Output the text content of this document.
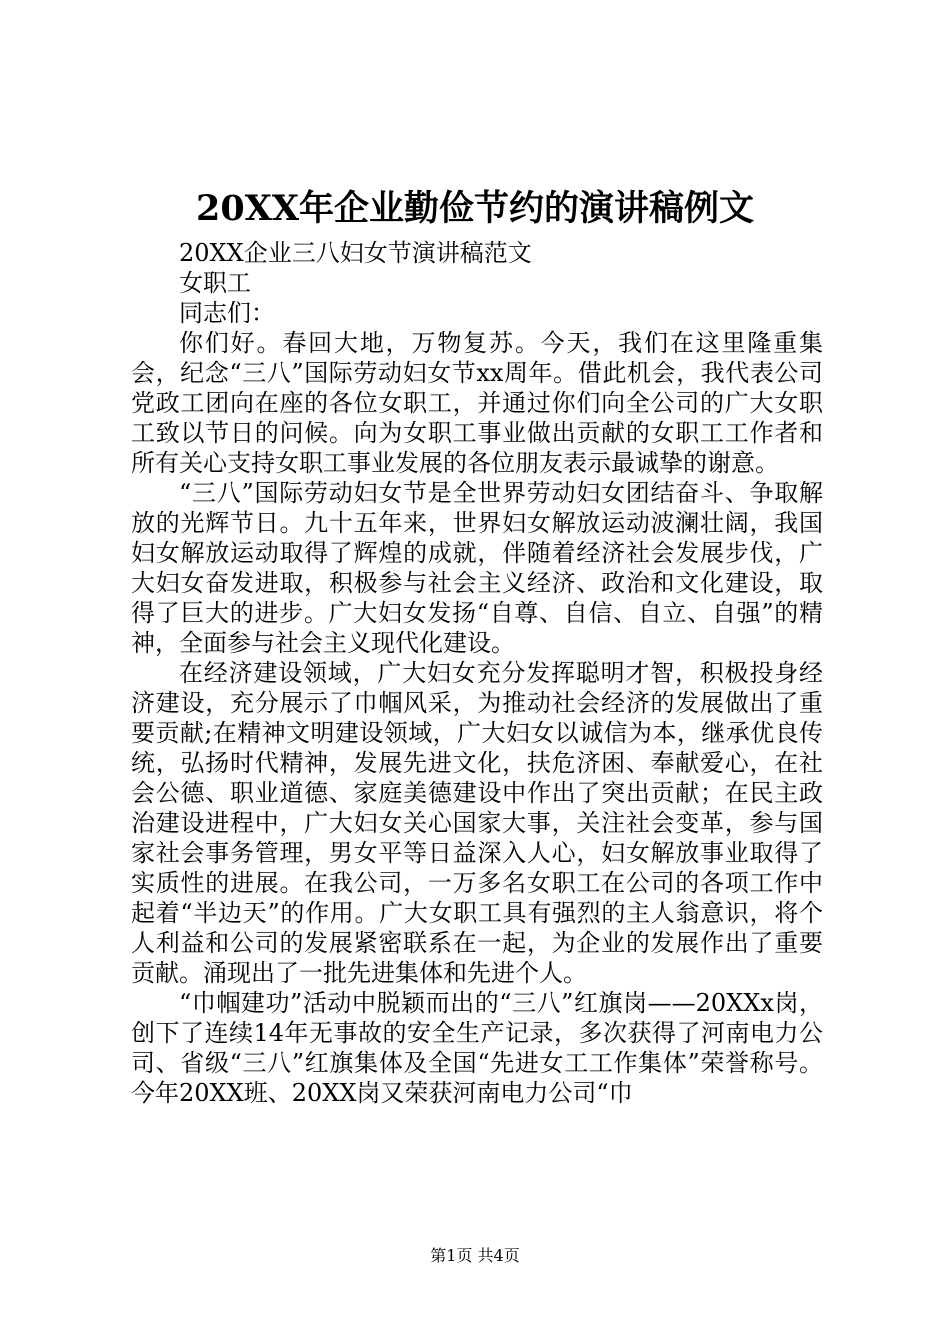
20XX年企业勤俭节约的演讲稿例文

20XX企业三八妇女节演讲稿范文

女职工

同志们：

你们好。春回大地，万物复苏。今天，我们在这里隆重集会，纪念“三八”国际劳动妇女节xx周年。借此机会，我代表公司党政工团向在座的各位女职工，并通过你们向全公司的广大女职工致以节日的问候。向为女职工事业做出贡献的女职工工作者和所有关心支持女职工事业发展的各位朋友表示最诚挚的谢意。

“三八”国际劳动妇女节是全世界劳动妇女团结奋斗、争取解放的光辉节日。九十五年来，世界妇女解放运动波澜壮阔，我国妇女解放运动取得了辉煌的成就，伴随着经济社会发展步伐，广大妇女奋发进取，积极参与社会主义经济、政治和文化建设，取得了巨大的进步。广大妇女发扬“自尊、自信、自立、自强”的精神，全面参与社会主义现代化建设。

在经济建设领域，广大妇女充分发挥聪明才智，积极投身经济建设，充分展示了巾帼风采，为推动社会经济的发展做出了重要贡献;在精神文明建设领域，广大妇女以诚信为本，继承优良传统，弘扬时代精神，发展先进文化，扶危济困、奉献爱心，在社会公德、职业道德、家庭美德建设中作出了突出贡献；在民主政治建设进程中，广大妇女关心国家大事，关注社会变革，参与国家社会事务管理，男女平等日益深入人心，妇女解放事业取得了实质性的进展。在我公司，一万多名女职工在公司的各项工作中起着“半边天”的作用。广大女职工具有强烈的主人翁意识，将个人利益和公司的发展紧密联系在一起，为企业的发展作出了重要贡献。涌现出了一批先进集体和先进个人。

“巾帼建功”活动中脱颖而出的“三八”红旗岗——20XXx岗，创下了连续14年无事故的安全生产记录，多次获得了河南电力公司、省级“三八”红旗集体及全国“先进女工工作集体”荣誉称号。今年20XX班、20XX岗又荣获河南电力公司“巾

第1页 共4页
